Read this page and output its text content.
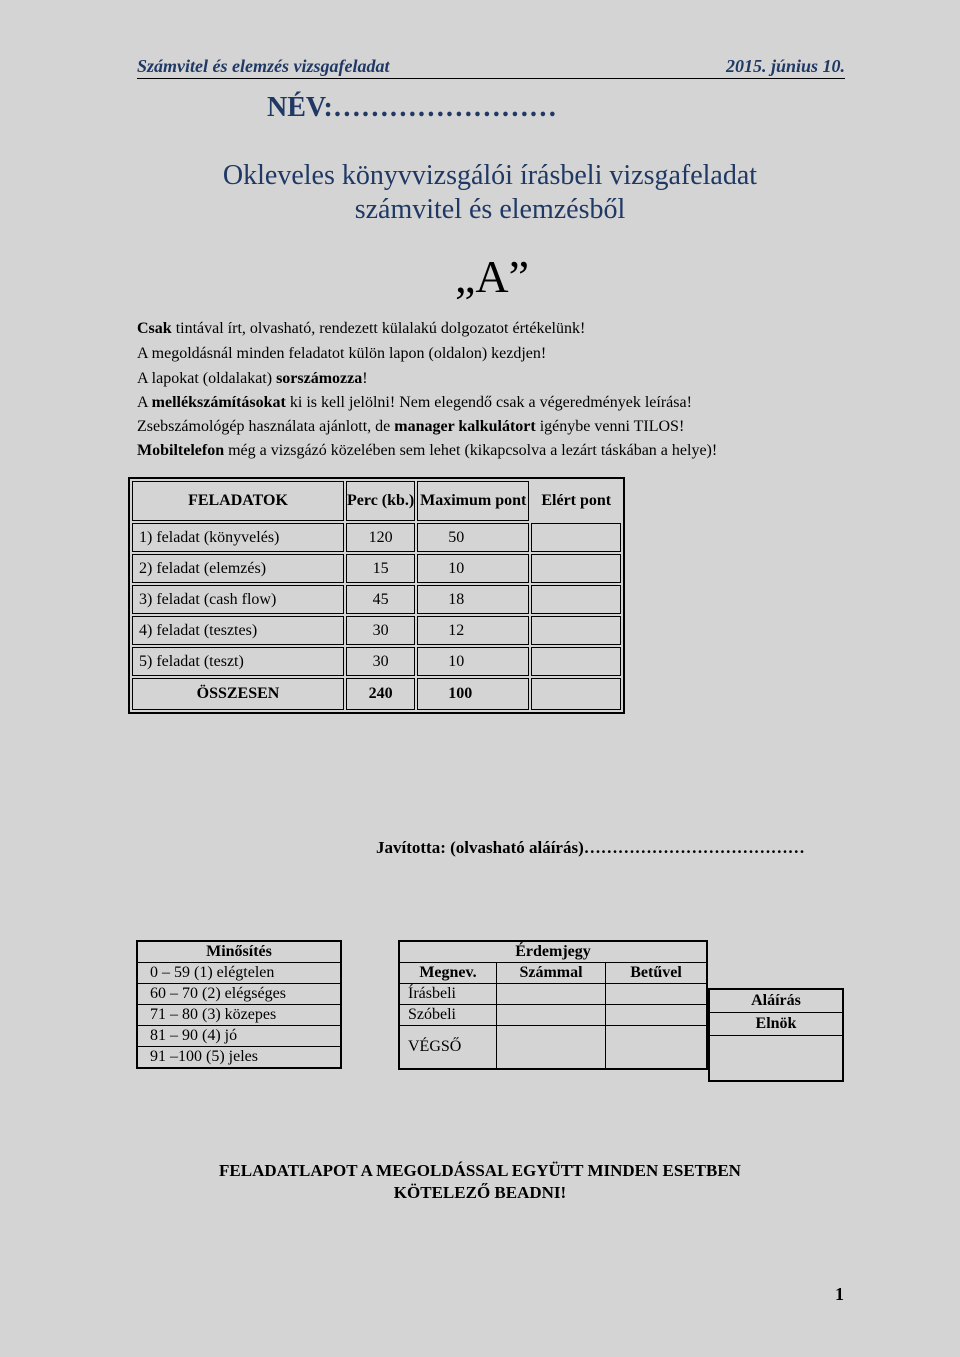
Számvitel és elemzés vizsgafeladat	2015. június 10.
NÉV:……………………
Okleveles könyvvizsgálói írásbeli vizsgafeladat
számvitel és elemzésből
„A”
Csak tintával írt, olvasható, rendezett külalakú dolgozatot értékelünk!
A megoldásnál minden feladatot külön lapon (oldalon) kezdjen!
A lapokat (oldalakat) sorszámozza!
A mellékszámításokat ki is kell jelölni! Nem elegendő csak a végeredmények leírása!
Zsebszámológép használata ajánlott, de manager kalkulátort igénybe venni TILOS!
Mobiltelefon még a vizsgázó közelében sem lehet (kikapcsolva a lezárt táskában a helye)!
FELADATOK	Perc (kb.)	Maximum pont	Elért pont
1) feladat (könyvelés)	120	50	
2) feladat (elemzés)	15	10	
3) feladat (cash flow)	45	18	
4) feladat (tesztes)	30	12	
5) feladat (teszt)	30	10	
ÖSSZESEN	240	100	
Javította: (olvasható aláírás)…………………………………
Minősítés
0 – 59 (1) elégtelen
60 – 70 (2) elégséges
71 – 80 (3) közepes
81 – 90 (4) jó
91 –100 (5) jeles
Érdemjegy		
Megnev.	Számmal	Betűvel
Írásbeli		
Szóbeli		
VÉGSŐ		
Aláírás
Elnök

FELADATLAPOT A MEGOLDÁSSAL EGYÜTT MINDEN ESETBEN
KÖTELEZŐ BEADNI!
1
